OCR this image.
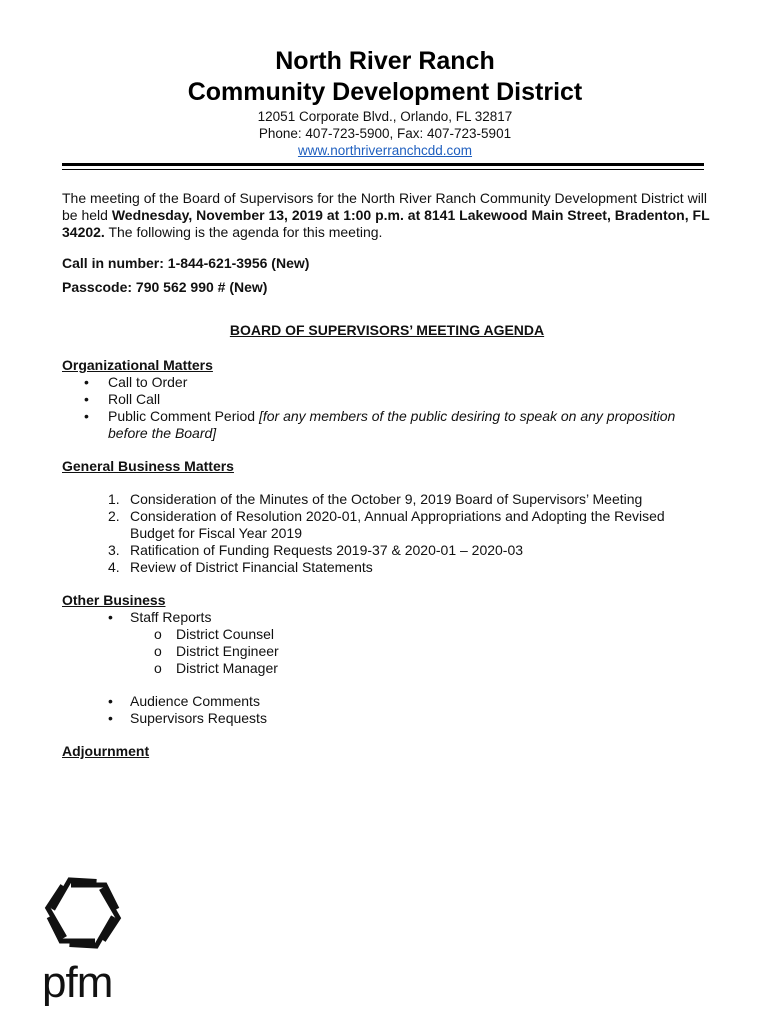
North River Ranch
Community Development District
12051 Corporate Blvd., Orlando, FL 32817
Phone: 407-723-5900, Fax: 407-723-5901
www.northriverranchcdd.com

The meeting of the Board of Supervisors for the North River Ranch Community Development District will be held Wednesday, November 13, 2019 at 1:00 p.m. at 8141 Lakewood Main Street, Bradenton, FL 34202. The following is the agenda for this meeting.

Call in number: 1-844-621-3956 (New)
Passcode: 790 562 990 # (New)
BOARD OF SUPERVISORS’ MEETING AGENDA
Organizational Matters
• Call to Order
• Roll Call
• Public Comment Period [for any members of the public desiring to speak on any proposition before the Board]
General Business Matters
1. Consideration of the Minutes of the October 9, 2019 Board of Supervisors’ Meeting
2. Consideration of Resolution 2020-01, Annual Appropriations and Adopting the Revised Budget for Fiscal Year 2019
3. Ratification of Funding Requests 2019-37 & 2020-01 – 2020-03
4. Review of District Financial Statements
Other Business
• Staff Reports
o District Counsel
o District Engineer
o District Manager
• Audience Comments
• Supervisors Requests
Adjournment
pfm
